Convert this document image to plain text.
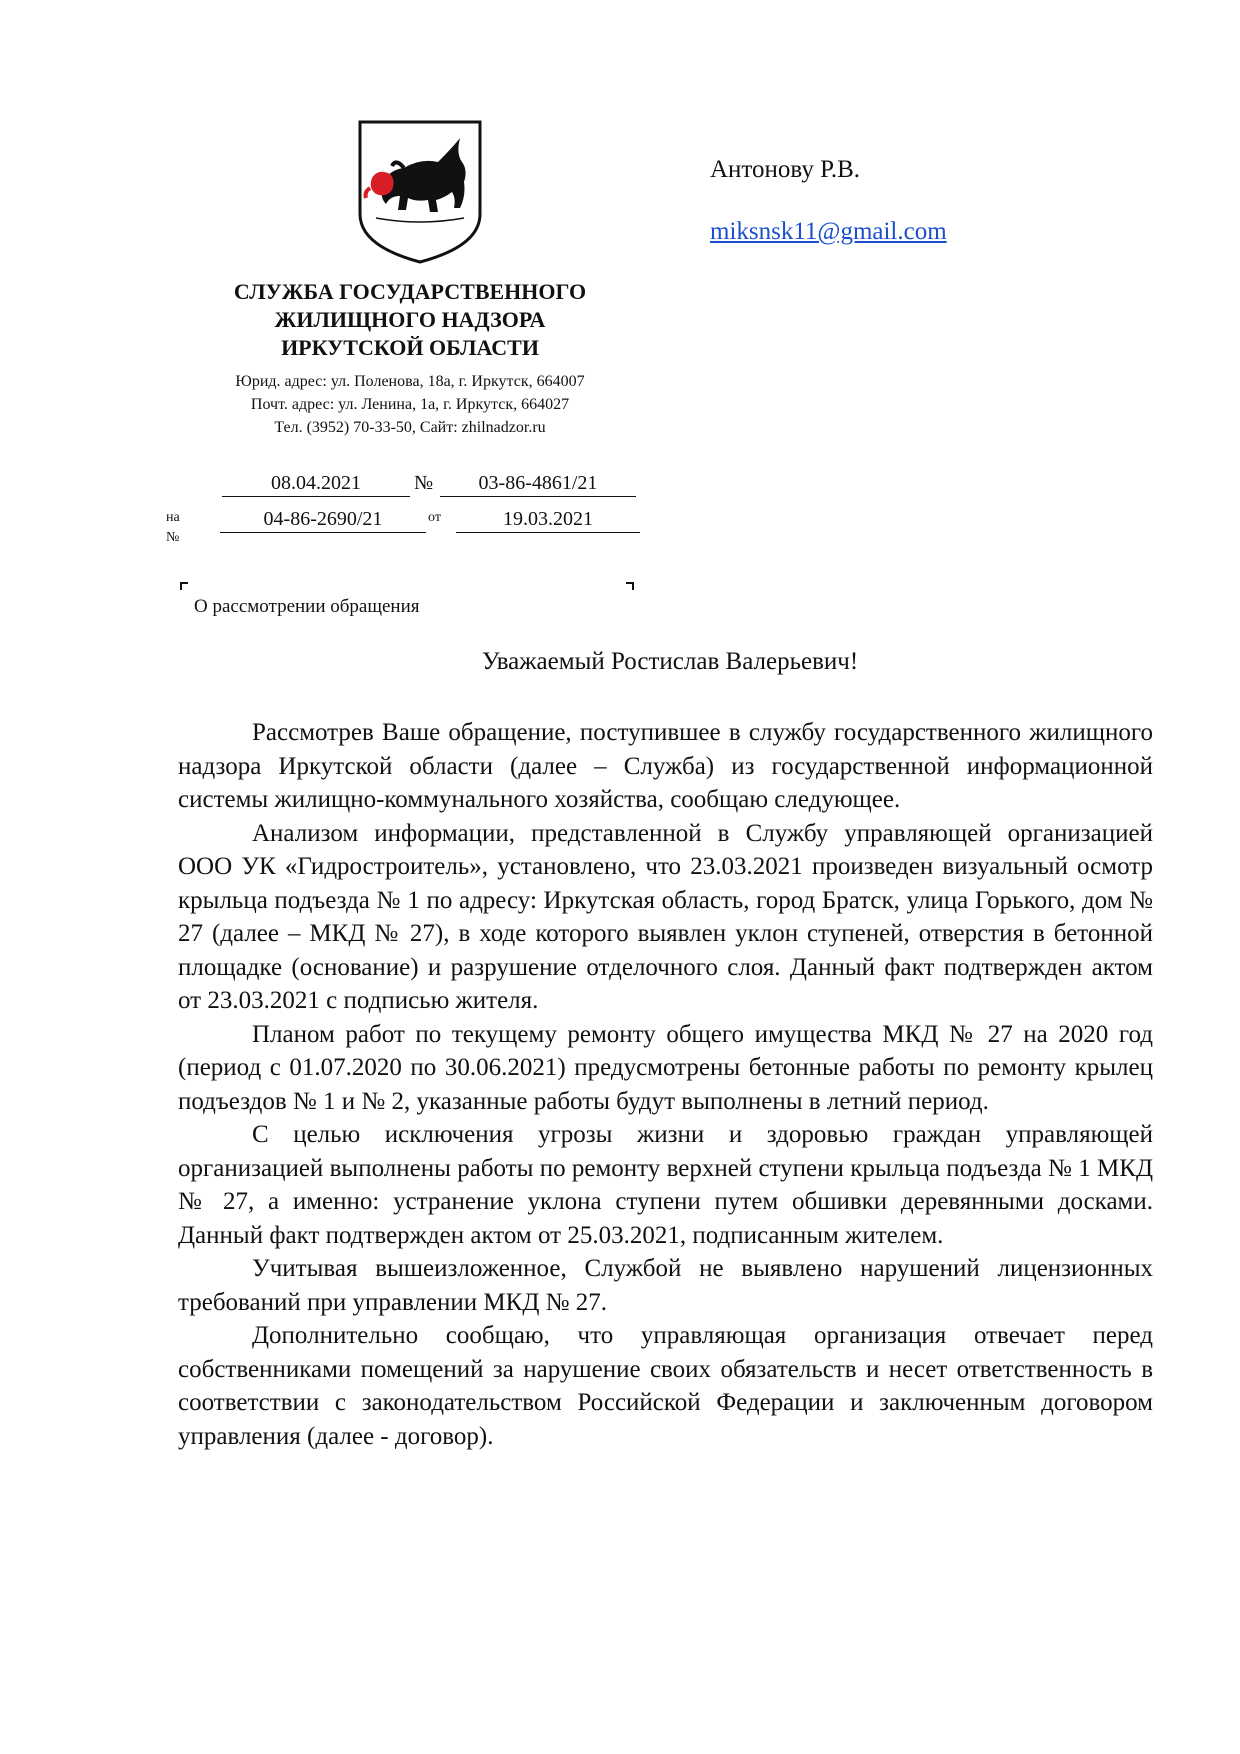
Антонову Р.В.
miksnsk11@gmail.com
СЛУЖБА ГОСУДАРСТВЕННОГО
ЖИЛИЩНОГО НАДЗОРА
ИРКУТСКОЙ ОБЛАСТИ
Юрид. адрес: ул. Поленова, 18а, г. Иркутск, 664007
Почт. адрес: ул. Ленина, 1а, г. Иркутск, 664027
Тел. (3952) 70-33-50, Сайт: zhilnadzor.ru
08.04.2021	№	03-86-4861/21
на №
04-86-2690/21	от	19.03.2021
О рассмотрении обращения
Уважаемый Ростислав Валерьевич!

Рассмотрев Ваше обращение, поступившее в службу государственного жилищного надзора Иркутской области (далее – Служба) из государственной информационной системы жилищно-коммунального хозяйства, сообщаю следующее.

Анализом информации, представленной в Службу управляющей организацией ООО УК «Гидростроитель», установлено, что 23.03.2021 произведен визуальный осмотр крыльца подъезда № 1 по адресу: Иркутская область, город Братск, улица Горького, дом № 27 (далее – МКД № 27), в ходе которого выявлен уклон ступеней, отверстия в бетонной площадке (основание) и разрушение отделочного слоя. Данный факт подтвержден актом от 23.03.2021 с подписью жителя.

Планом работ по текущему ремонту общего имущества МКД № 27 на 2020 год (период с 01.07.2020 по 30.06.2021) предусмотрены бетонные работы по ремонту крылец подъездов № 1 и № 2, указанные работы будут выполнены в летний период.

С целью исключения угрозы жизни и здоровью граждан управляющей организацией выполнены работы по ремонту верхней ступени крыльца подъезда № 1 МКД № 27, а именно: устранение уклона ступени путем обшивки деревянными досками. Данный факт подтвержден актом от 25.03.2021, подписанным жителем.

Учитывая вышеизложенное, Службой не выявлено нарушений лицензионных требований при управлении МКД № 27.

Дополнительно сообщаю, что управляющая организация отвечает перед собственниками помещений за нарушение своих обязательств и несет ответственность в соответствии с законодательством Российской Федерации и заключенным договором управления (далее - договор).
